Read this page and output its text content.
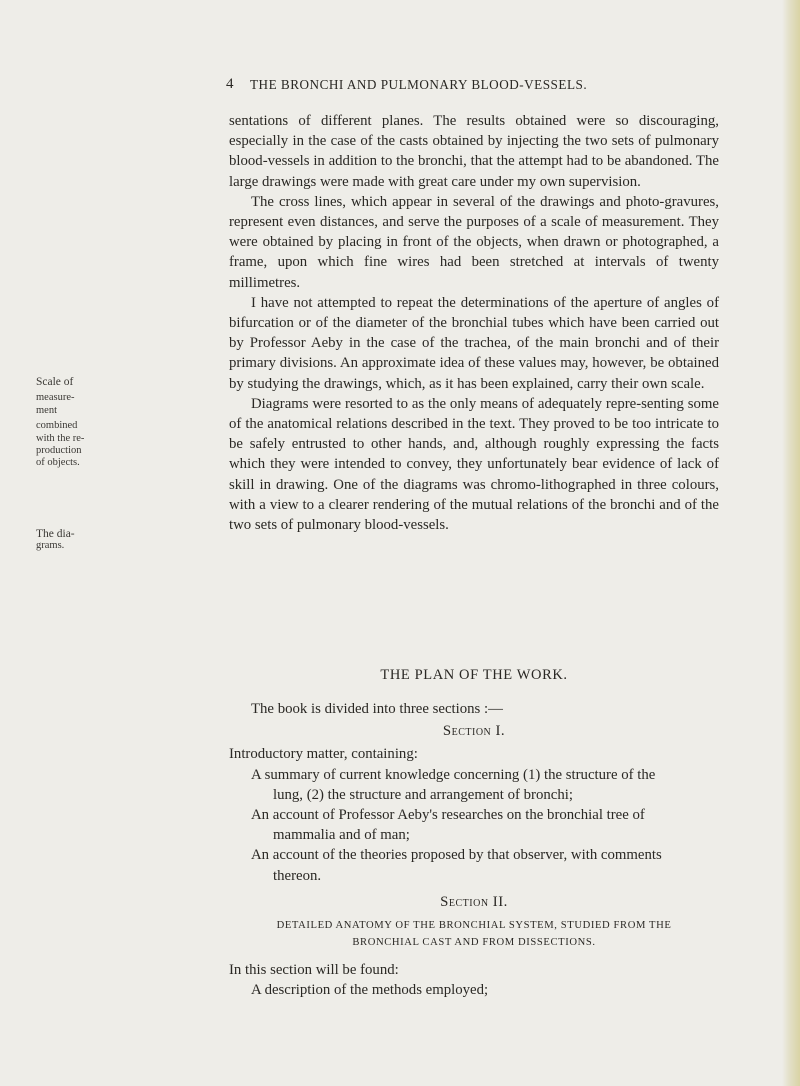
4 THE BRONCHI AND PULMONARY BLOOD-VESSELS.
Scale of
measure-
ment
combined
with the re-
production
of objects.
The dia-
grams.

sentations of different planes. The results obtained were so discouraging, especially in the case of the casts obtained by injecting the two sets of pulmonary blood-vessels in addition to the bronchi, that the attempt had to be abandoned. The large drawings were made with great care under my own supervision.

The cross lines, which appear in several of the drawings and photo-gravures, represent even distances, and serve the purposes of a scale of measurement. They were obtained by placing in front of the objects, when drawn or photographed, a frame, upon which fine wires had been stretched at intervals of twenty millimetres.

I have not attempted to repeat the determinations of the aperture of angles of bifurcation or of the diameter of the bronchial tubes which have been carried out by Professor Aeby in the case of the trachea, of the main bronchi and of their primary divisions. An approximate idea of these values may, however, be obtained by studying the drawings, which, as it has been explained, carry their own scale.

Diagrams were resorted to as the only means of adequately repre-senting some of the anatomical relations described in the text. They proved to be too intricate to be safely entrusted to other hands, and, although roughly expressing the facts which they were intended to convey, they unfortunately bear evidence of lack of skill in drawing. One of the diagrams was chromo-lithographed in three colours, with a view to a clearer rendering of the mutual relations of the bronchi and of the two sets of pulmonary blood-vessels.

THE PLAN OF THE WORK.

The book is divided into three sections :—

Section I.

Introductory matter, containing:

A summary of current knowledge concerning (1) the structure of the

lung, (2) the structure and arrangement of bronchi;

An account of Professor Aeby's researches on the bronchial tree of

mammalia and of man;

An account of the theories proposed by that observer, with comments

thereon.

Section II.

DETAILED ANATOMY OF THE BRONCHIAL SYSTEM, STUDIED FROM THE

BRONCHIAL CAST AND FROM DISSECTIONS.

In this section will be found:

A description of the methods employed;
